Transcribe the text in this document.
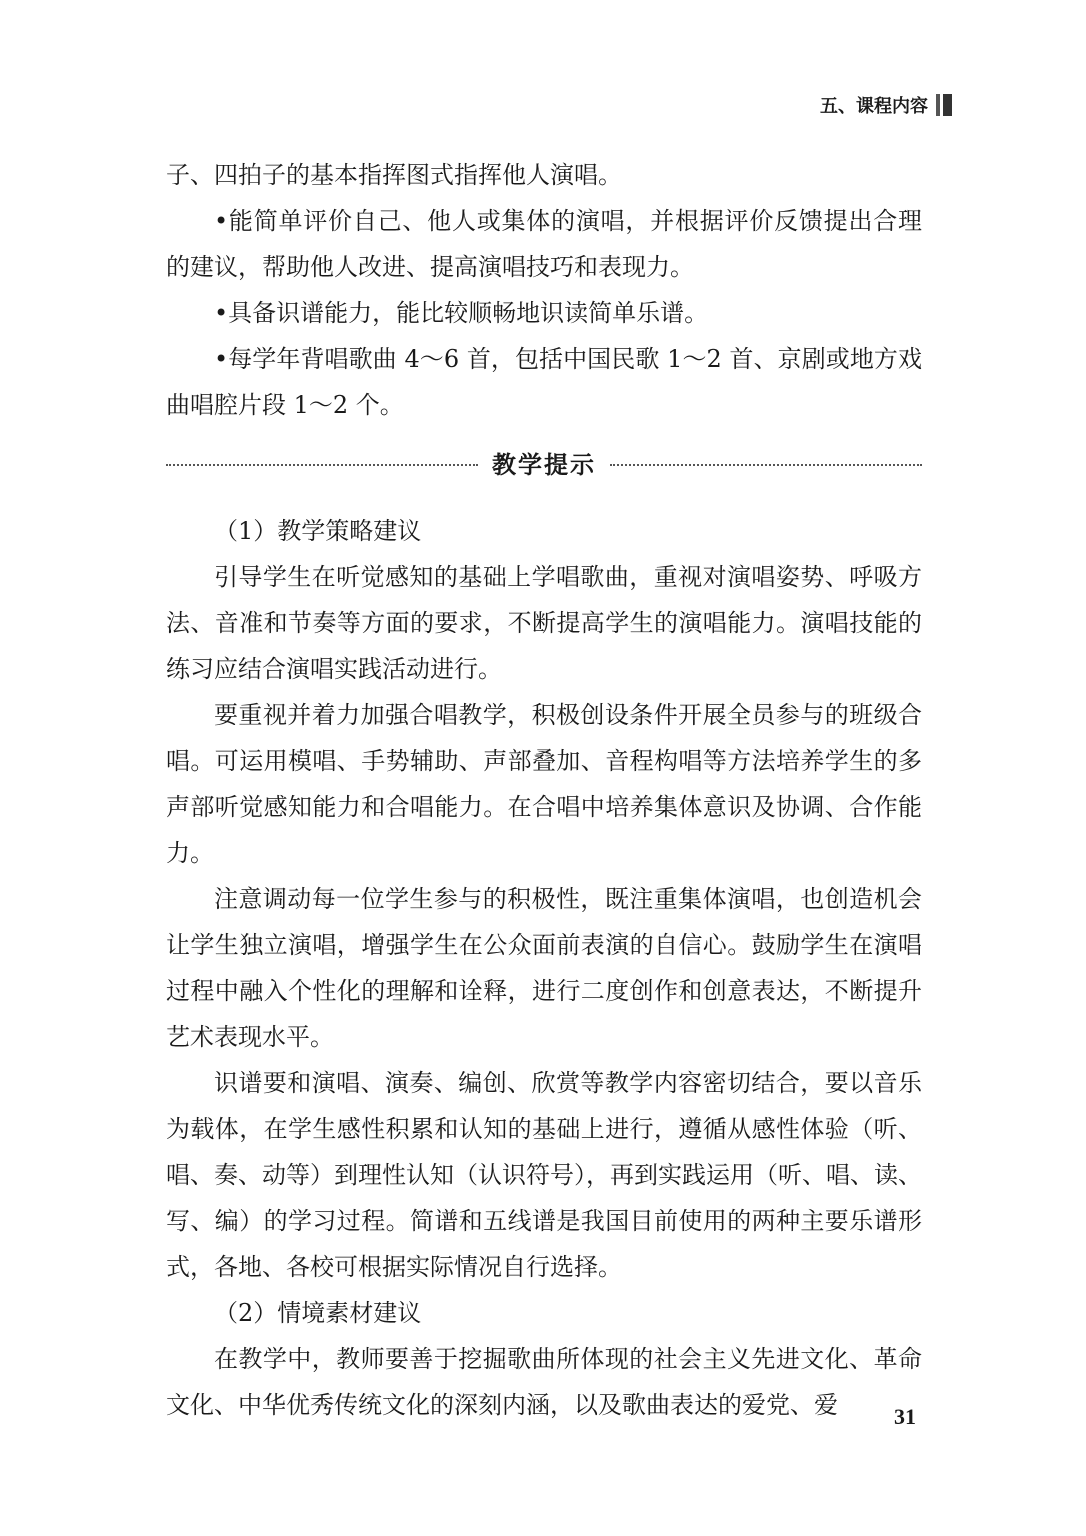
五、课程内容

子、四拍子的基本指挥图式指挥他人演唱。

•能简单评价自己、他人或集体的演唱，并根据评价反馈提出合理的建议，帮助他人改进、提高演唱技巧和表现力。

•具备识谱能力，能比较顺畅地识读简单乐谱。

•每学年背唱歌曲 4～6 首，包括中国民歌 1～2 首、京剧或地方戏曲唱腔片段 1～2 个。

教学提示

（1）教学策略建议

引导学生在听觉感知的基础上学唱歌曲，重视对演唱姿势、呼吸方法、音准和节奏等方面的要求，不断提高学生的演唱能力。演唱技能的练习应结合演唱实践活动进行。

要重视并着力加强合唱教学，积极创设条件开展全员参与的班级合唱。可运用模唱、手势辅助、声部叠加、音程构唱等方法培养学生的多声部听觉感知能力和合唱能力。在合唱中培养集体意识及协调、合作能力。

注意调动每一位学生参与的积极性，既注重集体演唱，也创造机会让学生独立演唱，增强学生在公众面前表演的自信心。鼓励学生在演唱过程中融入个性化的理解和诠释，进行二度创作和创意表达，不断提升艺术表现水平。

识谱要和演唱、演奏、编创、欣赏等教学内容密切结合，要以音乐为载体，在学生感性积累和认知的基础上进行，遵循从感性体验（听、唱、奏、动等）到理性认知（认识符号），再到实践运用（听、唱、读、写、编）的学习过程。简谱和五线谱是我国目前使用的两种主要乐谱形式，各地、各校可根据实际情况自行选择。

（2）情境素材建议

在教学中，教师要善于挖掘歌曲所体现的社会主义先进文化、革命文化、中华优秀传统文化的深刻内涵，以及歌曲表达的爱党、爱	31
